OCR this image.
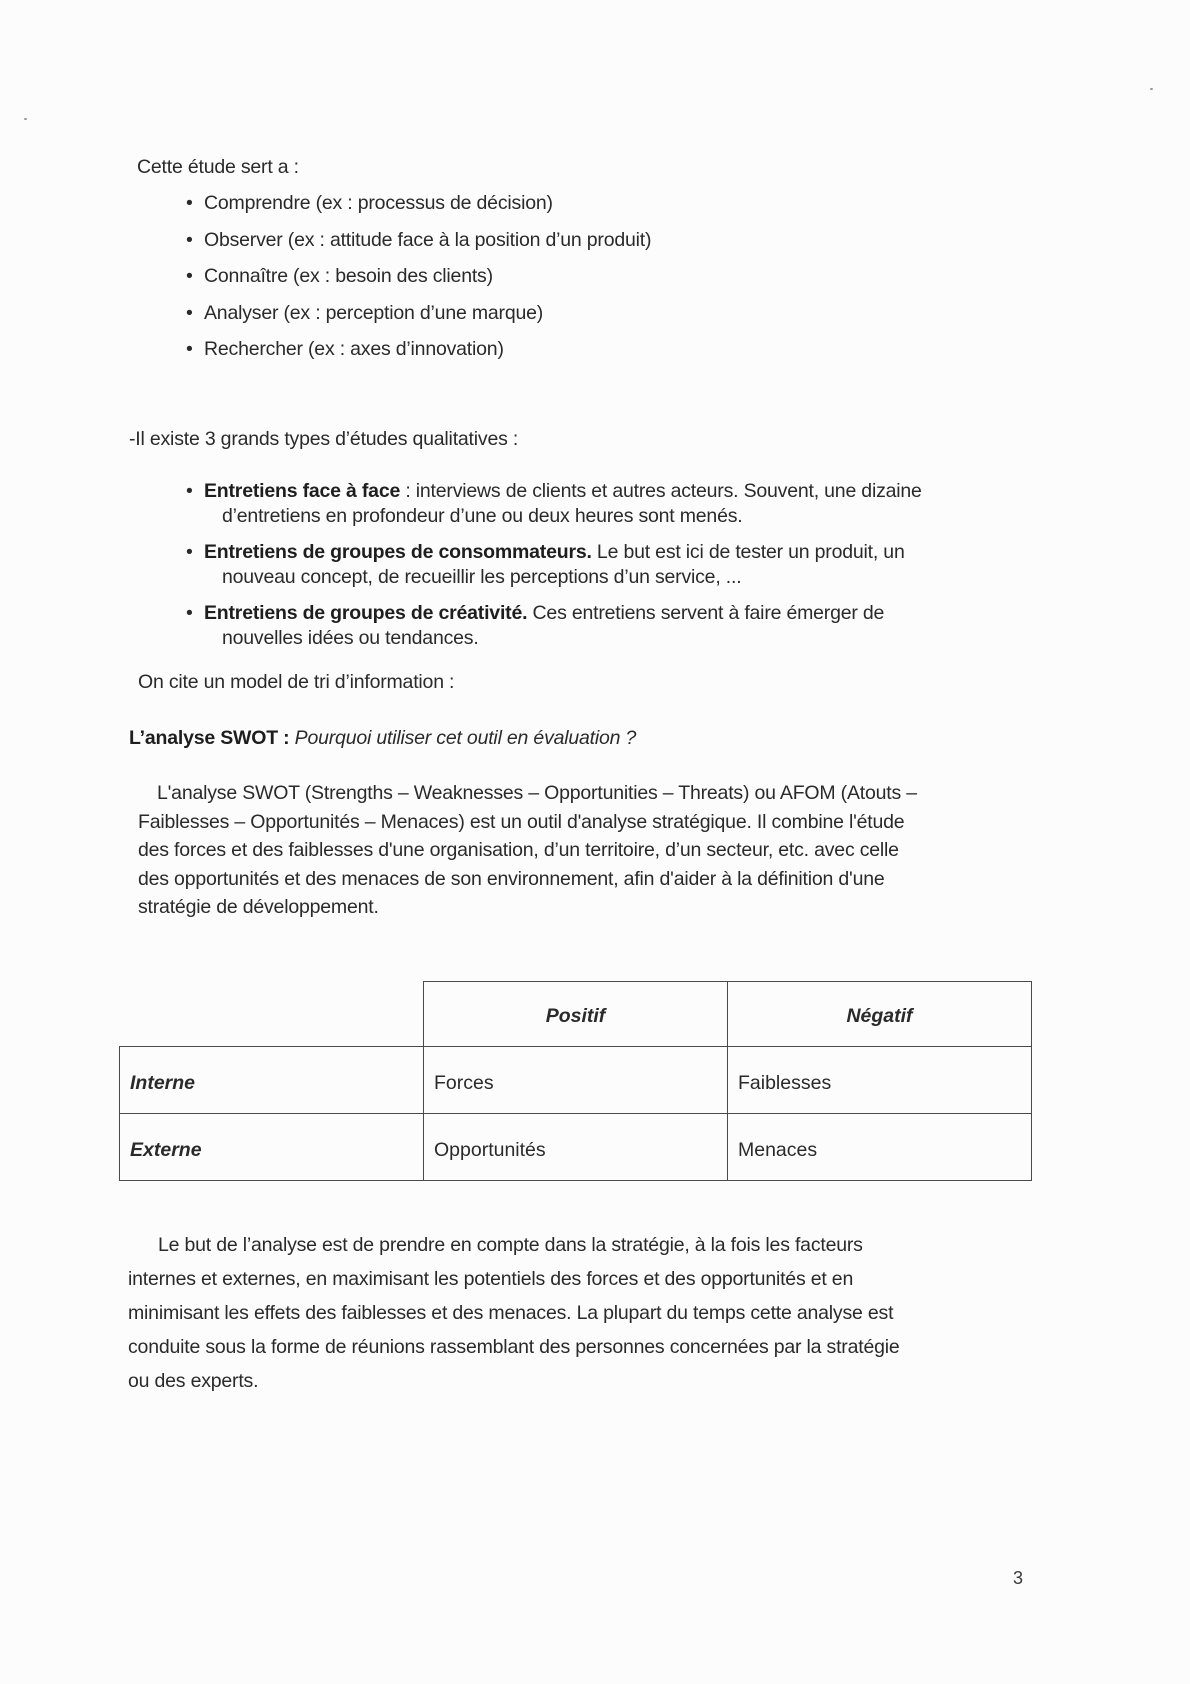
Cette étude sert a :
• Comprendre (ex : processus de décision)
• Observer (ex : attitude face à la position d’un produit)
• Connaître (ex : besoin des clients)
• Analyser (ex : perception d’une marque)
• Rechercher (ex : axes d’innovation)
-Il existe 3 grands types d’études qualitatives :
• Entretiens face à face : interviews de clients et autres acteurs. Souvent, une dizaine
d’entretiens en profondeur d’une ou deux heures sont menés.
• Entretiens de groupes de consommateurs. Le but est ici de tester un produit, un
nouveau concept, de recueillir les perceptions d’un service, ...
• Entretiens de groupes de créativité. Ces entretiens servent à faire émerger de
nouvelles idées ou tendances.
On cite un model de tri d’information :
L’analyse SWOT : Pourquoi utiliser cet outil en évaluation ?
L'analyse SWOT (Strengths – Weaknesses – Opportunities – Threats) ou AFOM (Atouts –
Faiblesses – Opportunités – Menaces) est un outil d'analyse stratégique. Il combine l'étude
des forces et des faiblesses d'une organisation, d’un territoire, d’un secteur, etc. avec celle
des opportunités et des menaces de son environnement, afin d'aider à la définition d'une
stratégie de développement.
	Positif	Négatif
Interne	Forces	Faiblesses
Externe	Opportunités	Menaces
Le but de l’analyse est de prendre en compte dans la stratégie, à la fois les facteurs
internes et externes, en maximisant les potentiels des forces et des opportunités et en
minimisant les effets des faiblesses et des menaces. La plupart du temps cette analyse est
conduite sous la forme de réunions rassemblant des personnes concernées par la stratégie
ou des experts.
3
